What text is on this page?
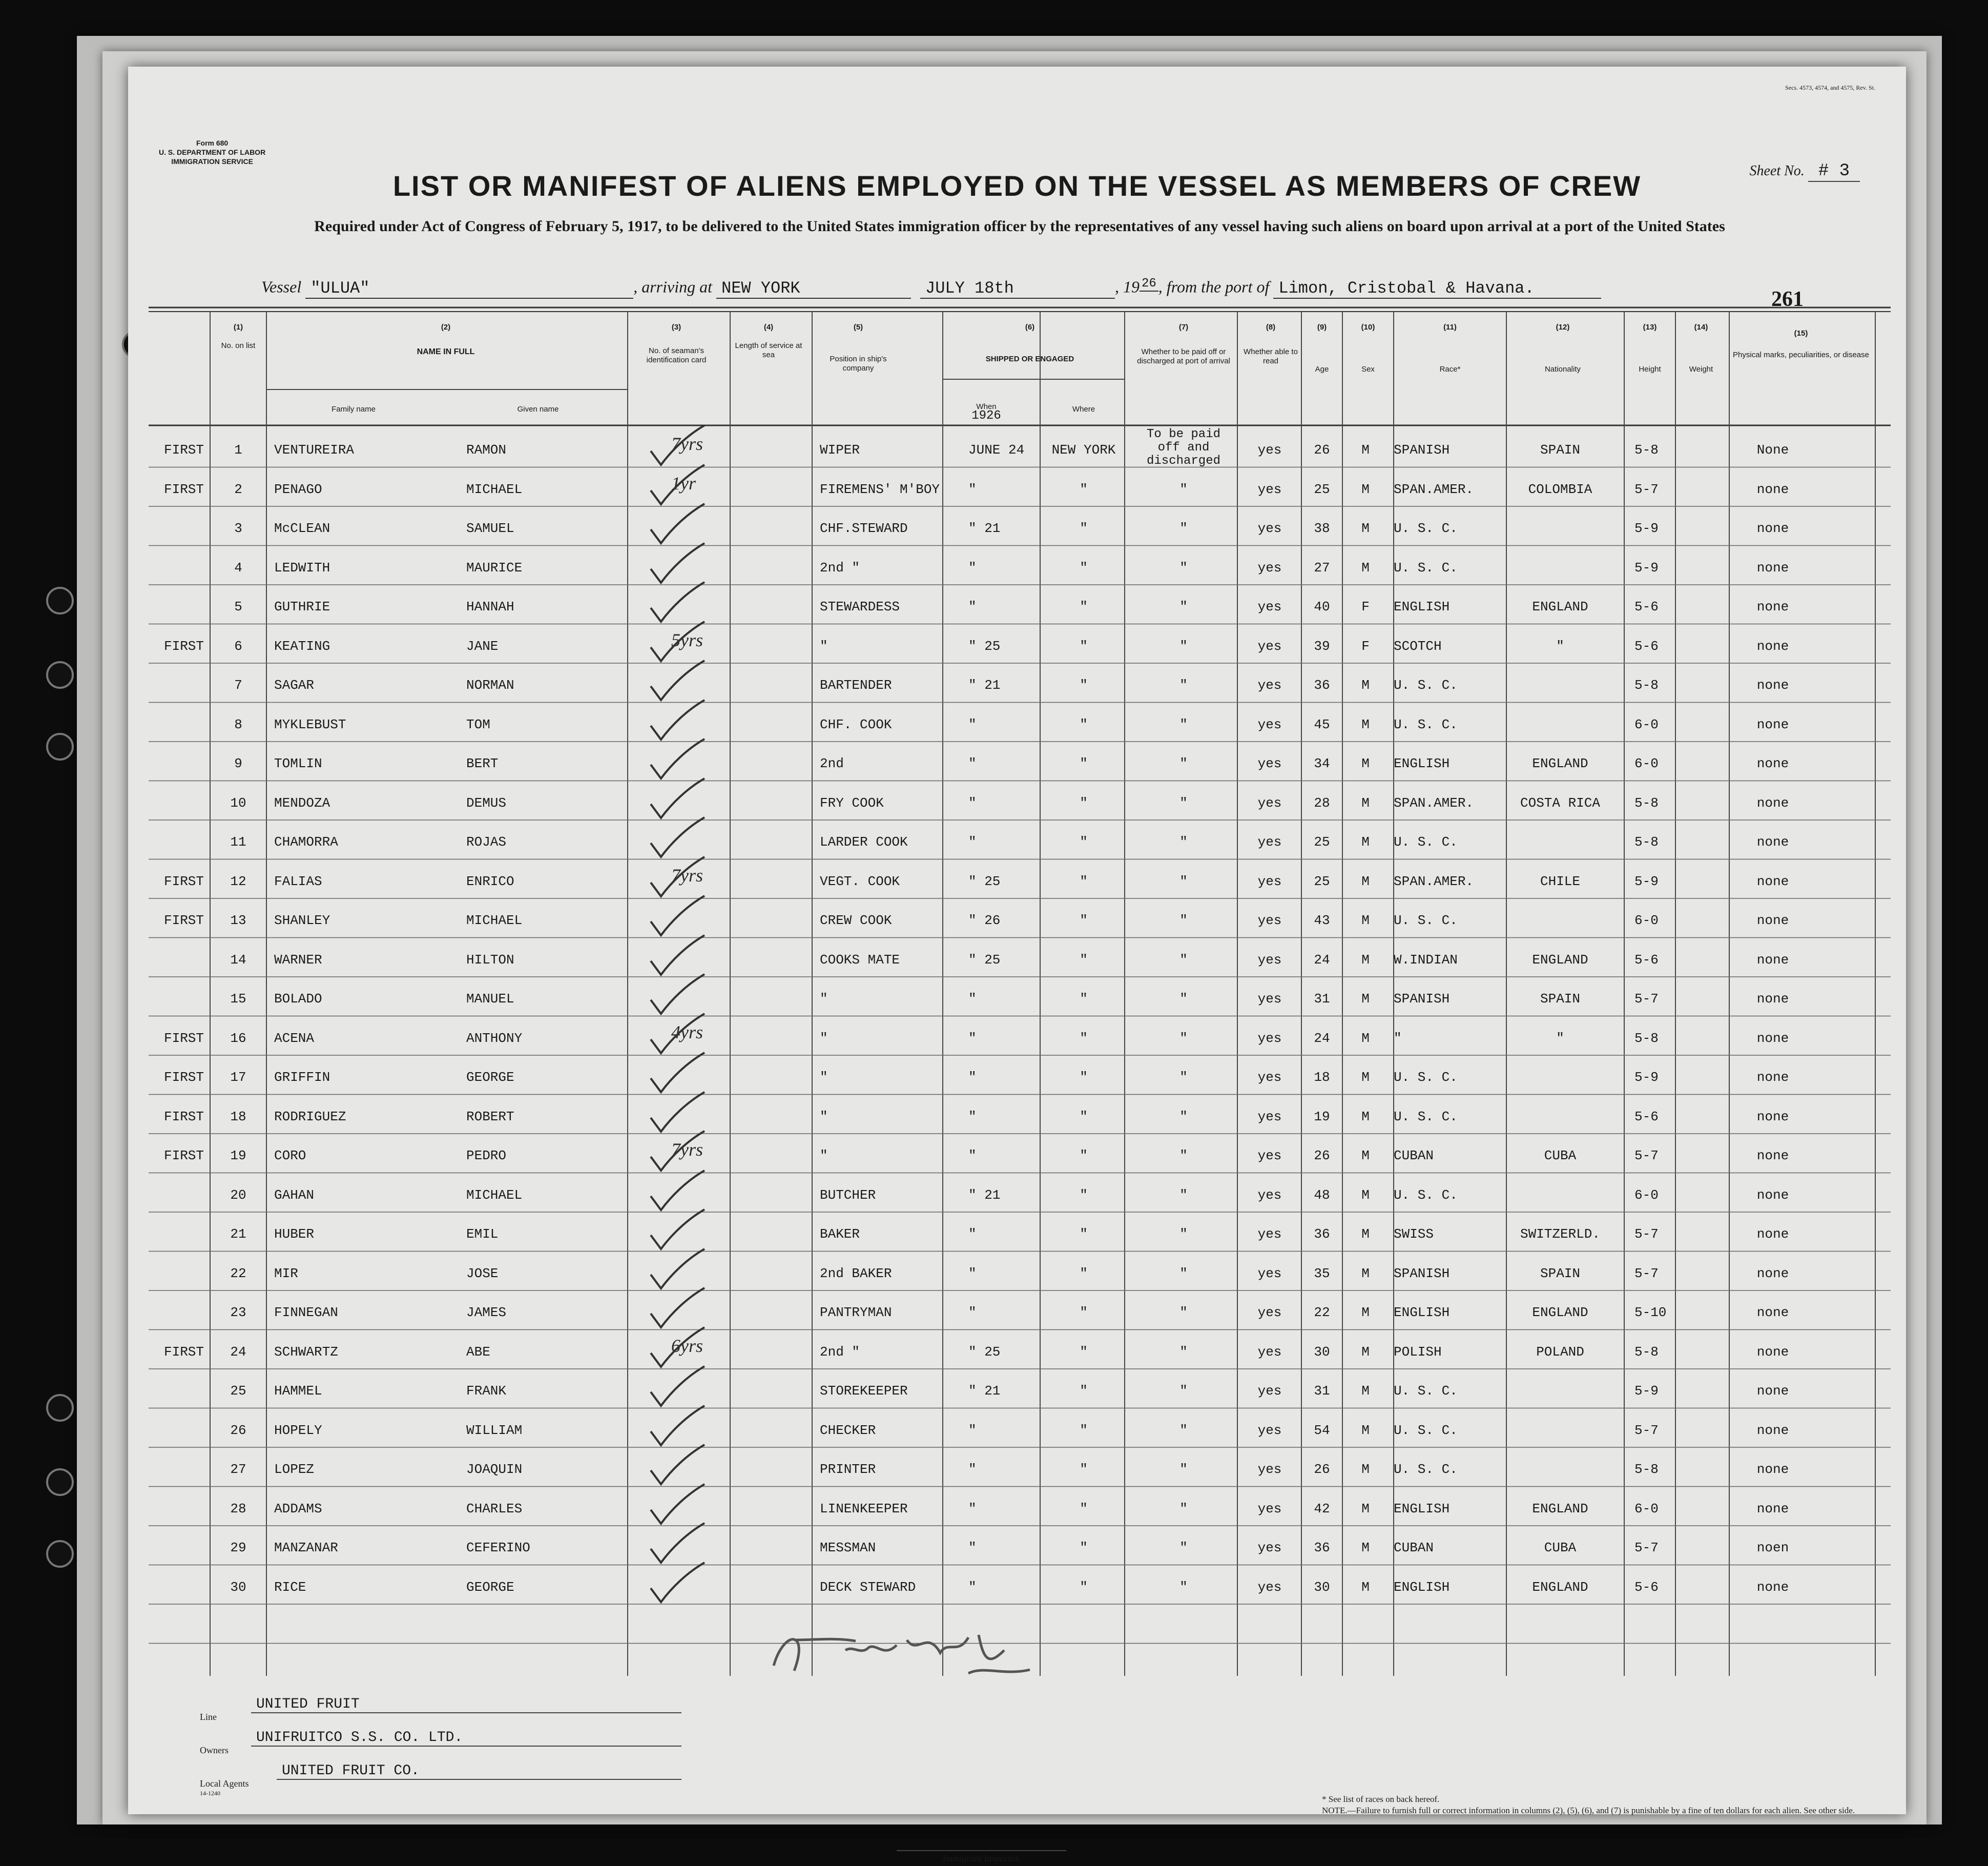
Form 680
U. S. DEPARTMENT OF LABOR
IMMIGRATION SERVICE
Secs. 4573, 4574, and 4575, Rev. St.
Sheet No. # 3
LIST OR MANIFEST OF ALIENS EMPLOYED ON THE VESSEL AS MEMBERS OF CREW
Required under Act of Congress of February 5, 1917, to be delivered to the United States immigration officer by the representatives of any vessel having such aliens on board upon arrival at a port of the United States
Vessel "ULUA"	, arriving at NEW YORK	JULY 18th	, 19 26 , from the port of Limon, Cristobal & Havana.	261
(1)
No. on list
(2)
NAME IN FULL
Family name	Given name
(3)
No. of seaman's identification card
(4)
Length of service at sea
(5)
Position in ship's company
(6)
SHIPPED OR ENGAGED
When
1926	Where
(7)
Whether to be paid off or discharged at port of arrival
(8)
Whether able to read
(9)
Age
(10)
Sex
(11)
Race*
(12)
Nationality
(13)
Height
(14)
Weight
(15)
Physical marks, peculiarities, or disease
FIRST	1	VENTUREIRA	RAMON	WIPER	JUNE 24	NEW YORK
To be paid off and discharged
yes	26	M	SPANISH	SPAIN	5-8	None
7yrs
FIRST	2	PENAGO	MICHAEL	FIREMENS' M'BOY "	"	"	yes	25	M	SPAN.AMER.	COLOMBIA	5-7	none
1yr
3	McCLEAN	SAMUEL	CHF.STEWARD	" 21	"	"	yes	38	M	U. S. C.	5-9	none
4	LEDWITH	MAURICE	2nd "	"	"	"	yes	27	M	U. S. C.	5-9	none
5	GUTHRIE	HANNAH	STEWARDESS	"	"	"	yes	40	F	ENGLISH	ENGLAND	5-6	none
FIRST	6	KEATING	JANE	"	" 25	"	"	yes	39	F	SCOTCH	"	5-6	none
5yrs
7	SAGAR	NORMAN	BARTENDER	" 21	"	"	yes	36	M	U. S. C.	5-8	none
8	MYKLEBUST	TOM	CHF. COOK	"	"	"	yes	45	M	U. S. C.	6-0	none
9	TOMLIN	BERT	2nd	"	"	"	yes	34	M	ENGLISH	ENGLAND	6-0	none
10	MENDOZA	DEMUS	FRY COOK	"	"	"	yes	28	M	SPAN.AMER.	COSTA RICA	5-8	none
11	CHAMORRA	ROJAS	LARDER COOK	"	"	"	yes	25	M	U. S. C.	5-8	none
FIRST	12	FALIAS	ENRICO	VEGT. COOK	" 25	"	"	yes	25	M	SPAN.AMER.	CHILE	5-9	none
7yrs
FIRST	13	SHANLEY	MICHAEL	CREW COOK	" 26	"	"	yes	43	M	U. S. C.	6-0	none
14	WARNER	HILTON	COOKS MATE	" 25	"	"	yes	24	M	W.INDIAN	ENGLAND	5-6	none
15	BOLADO	MANUEL	"	"	"	"	yes	31	M	SPANISH	SPAIN	5-7	none
FIRST	16	ACENA	ANTHONY	"	"	"	"	yes	24	M	"	"	5-8	none
4yrs
FIRST	17	GRIFFIN	GEORGE	"	"	"	"	yes	18	M	U. S. C.	5-9	none
FIRST	18	RODRIGUEZ	ROBERT	"	"	"	"	yes	19	M	U. S. C.	5-6	none
FIRST	19	CORO	PEDRO	"	"	"	"	yes	26	M	CUBAN	CUBA	5-7	none
7yrs
20	GAHAN	MICHAEL	BUTCHER	" 21	"	"	yes	48	M	U. S. C.	6-0	none
21	HUBER	EMIL	BAKER	"	"	"	yes	36	M	SWISS	SWITZERLD.	5-7	none
22	MIR	JOSE	2nd BAKER	"	"	"	yes	35	M	SPANISH	SPAIN	5-7	none
23	FINNEGAN	JAMES	PANTRYMAN	"	"	"	yes	22	M	ENGLISH	ENGLAND	5-10	none
FIRST	24	SCHWARTZ	ABE	2nd "	" 25	"	"	yes	30	M	POLISH	POLAND	5-8	none
6yrs
25	HAMMEL	FRANK	STOREKEEPER	" 21	"	"	yes	31	M	U. S. C.	5-9	none
26	HOPELY	WILLIAM	CHECKER	"	"	"	yes	54	M	U. S. C.	5-7	none
27	LOPEZ	JOAQUIN	PRINTER	"	"	"	yes	26	M	U. S. C.	5-8	none
28	ADDAMS	CHARLES	LINENKEEPER	"	"	"	yes	42	M	ENGLISH	ENGLAND	6-0	none
29	MANZANAR	CEFERINO	MESSMAN	"	"	"	yes	36	M	CUBAN	CUBA	5-7	noen
30	RICE	GEORGE	DECK STEWARD	"	"	"	yes	30	M	ENGLISH	ENGLAND	5-6	none
Line
UNITED FRUIT
Owners
UNIFRUITCO S.S. CO. LTD.
Local Agents
14-1240
UNITED FRUIT CO.
Immigrant Inspector.
* See list of races on back hereof.
NOTE.—Failure to furnish full or correct information in columns (2), (5), (6), and (7) is punishable by a fine of ten dollars for each alien. See other side.
